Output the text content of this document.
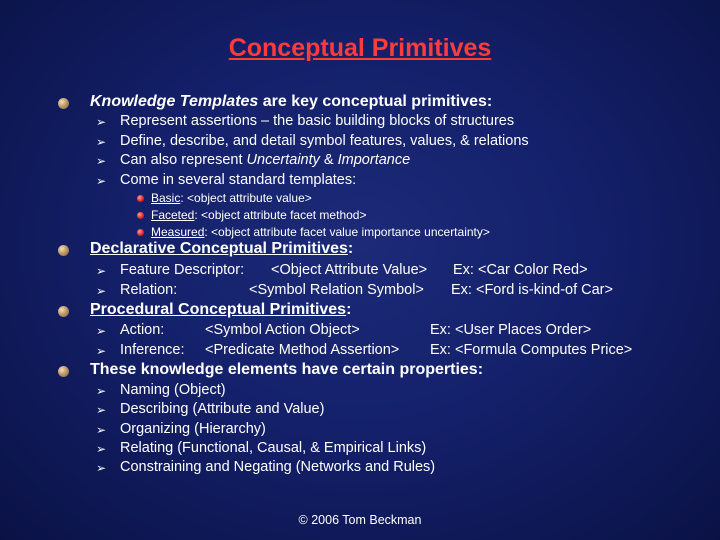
Conceptual Primitives
Knowledge Templates are key conceptual primitives:
➢ Represent assertions – the basic building blocks of structures
➢ Define, describe, and detail symbol features, values, & relations
➢ Can also represent Uncertainty & Importance
➢ Come in several standard templates:
Basic: <object attribute value>
Faceted: <object attribute facet method>
Measured: <object attribute facet value importance uncertainty>
Declarative Conceptual Primitives:
➢ Feature Descriptor: <Object Attribute Value> Ex: <Car Color Red>
➢ Relation:	<Symbol Relation Symbol> Ex: <Ford is-kind-of Car>
Procedural Conceptual Primitives:
➢ Action:	<Symbol Action Object>	Ex: <User Places Order>
➢ Inference: <Predicate Method Assertion> Ex: <Formula Computes Price>
These knowledge elements have certain properties:
➢ Naming (Object)
➢ Describing (Attribute and Value)
➢ Organizing (Hierarchy)
➢ Relating (Functional, Causal, & Empirical Links)
➢ Constraining and Negating (Networks and Rules)
© 2006 Tom Beckman
